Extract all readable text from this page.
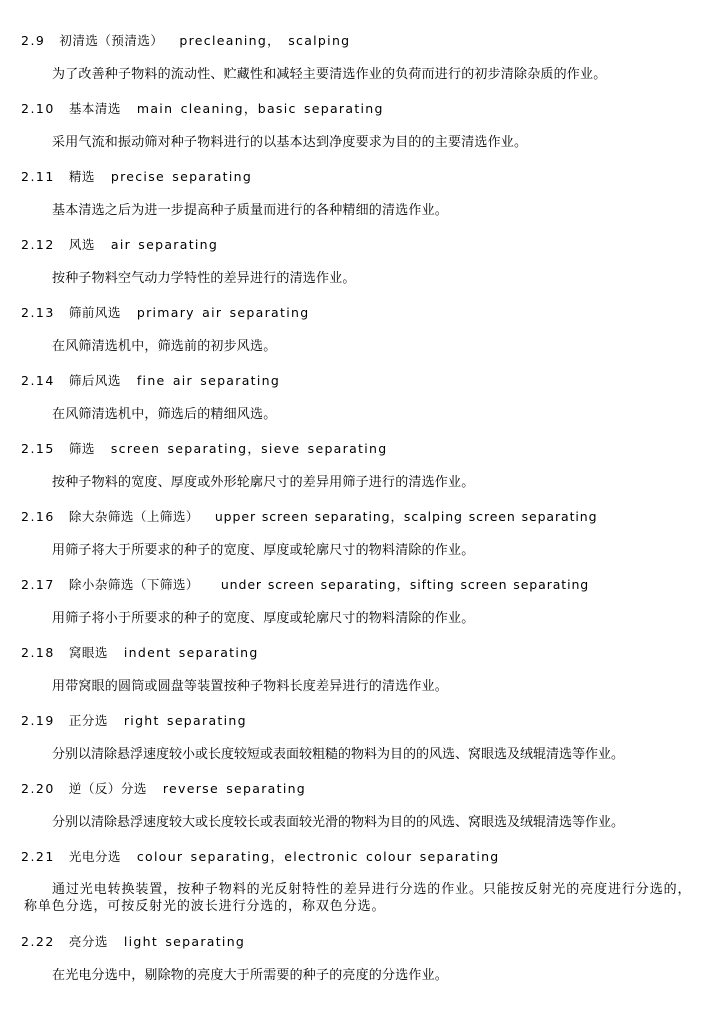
2.9 初清选（预清选） precleaning， scalping
为了改善种子物料的流动性、贮藏性和减轻主要清选作业的负荷而进行的初步清除杂质的作业。
2.10 基本清选 main cleaning，basic separating
采用气流和振动筛对种子物料进行的以基本达到净度要求为目的的主要清选作业。
2.11 精选 precise separating
基本清选之后为进一步提高种子质量而进行的各种精细的清选作业。
2.12 风选 air separating
按种子物料空气动力学特性的差异进行的清选作业。
2.13 筛前风选 primary air separating
在风筛清选机中，筛选前的初步风选。
2.14 筛后风选 fine air separating
在风筛清选机中，筛选后的精细风选。
2.15 筛选 screen separating，sieve separating
按种子物料的宽度、厚度或外形轮廓尺寸的差异用筛子进行的清选作业。
2.16 除大杂筛选（上筛选） upper screen separating，scalping screen separating
用筛子将大于所要求的种子的宽度、厚度或轮廓尺寸的物料清除的作业。
2.17 除小杂筛选（下筛选） under screen separating，sifting screen separating
用筛子将小于所要求的种子的宽度、厚度或轮廓尺寸的物料清除的作业。
2.18 窝眼选 indent separating
用带窝眼的圆筒或圆盘等装置按种子物料长度差异进行的清选作业。
2.19 正分选 right separating
分别以清除悬浮速度较小或长度较短或表面较粗糙的物料为目的的风选、窝眼选及绒辊清选等作业。
2.20 逆（反）分选 reverse separating
分别以清除悬浮速度较大或长度较长或表面较光滑的物料为目的的风选、窝眼选及绒辊清选等作业。
2.21 光电分选 colour separating，electronic colour separating
通过光电转换装置，按种子物料的光反射特性的差异进行分选的作业。只能按反射光的亮度进行分选的，称单色分选，可按反射光的波长进行分选的，称双色分选。
2.22 亮分选 light separating
在光电分选中，剔除物的亮度大于所需要的种子的亮度的分选作业。
